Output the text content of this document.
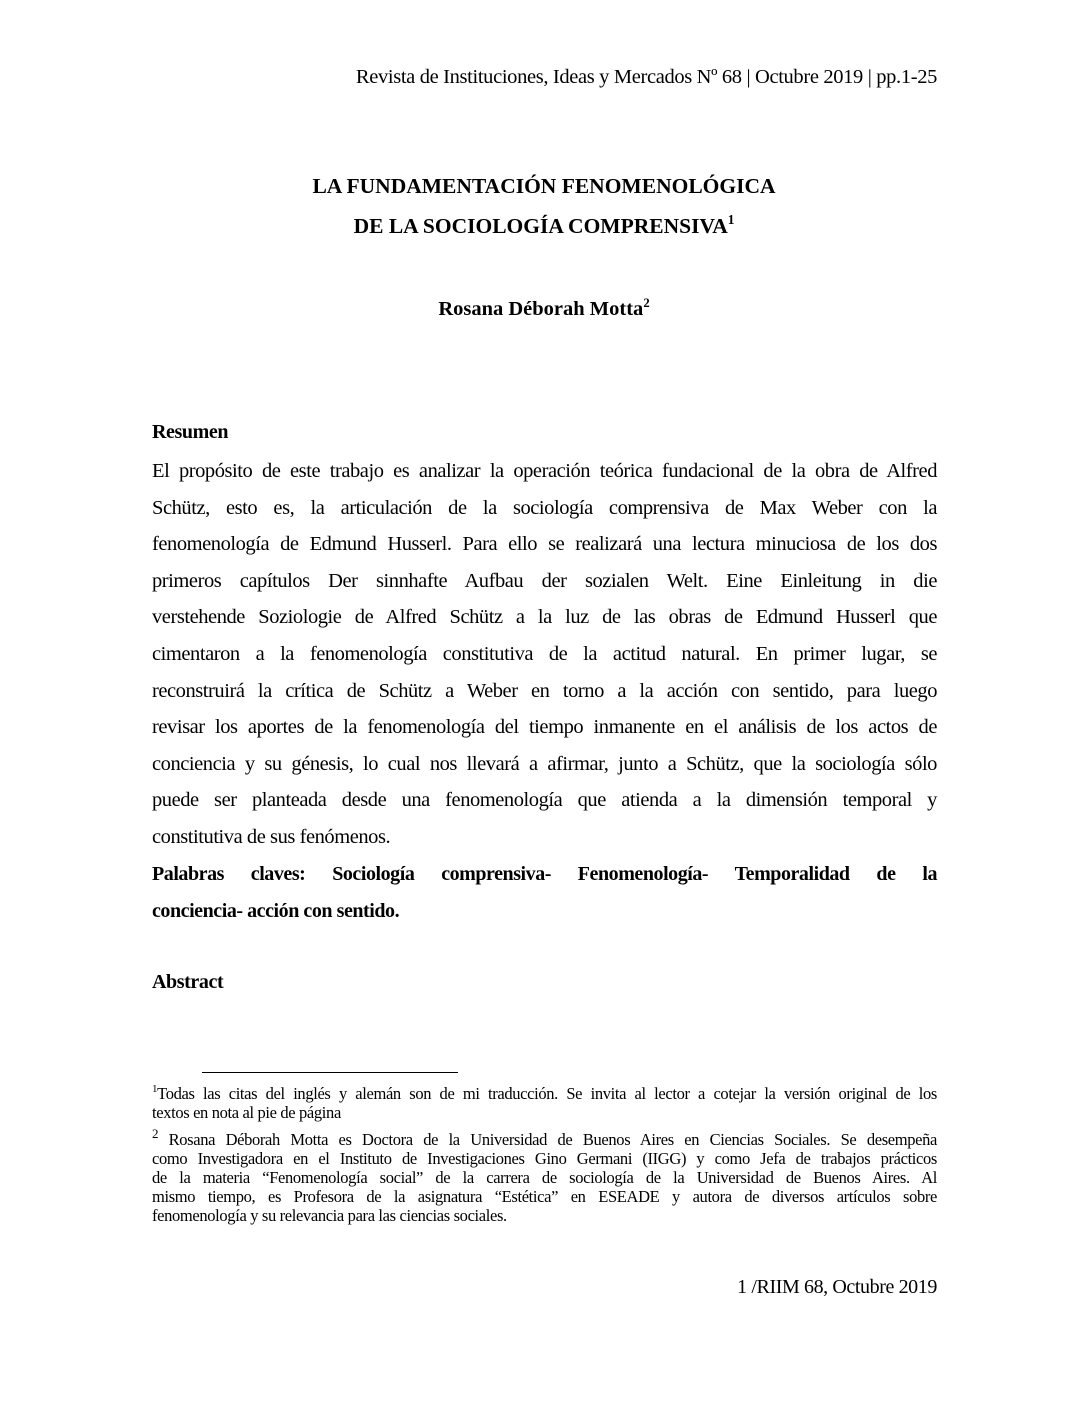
Revista de Instituciones, Ideas y Mercados Nº 68 | Octubre 2019 | pp.1-25
LA FUNDAMENTACIÓN FENOMENOLÓGICA
DE LA SOCIOLOGÍA COMPRENSIVA$^1$
Rosana Déborah Motta$^2$
Resumen
El propósito de este trabajo es analizar la operación teórica fundacional de la obra de Alfred
Schütz, esto es, la articulación de la sociología comprensiva de Max Weber con la
fenomenología de Edmund Husserl. Para ello se realizará una lectura minuciosa de los dos
primeros capítulos Der sinnhafte Aufbau der sozialen Welt. Eine Einleitung in die
verstehende Soziologie de Alfred Schütz a la luz de las obras de Edmund Husserl que
cimentaron a la fenomenología constitutiva de la actitud natural. En primer lugar, se
reconstruirá la crítica de Schütz a Weber en torno a la acción con sentido, para luego
revisar los aportes de la fenomenología del tiempo inmanente en el análisis de los actos de
conciencia y su génesis, lo cual nos llevará a afirmar, junto a Schütz, que la sociología sólo
puede ser planteada desde una fenomenología que atienda a la dimensión temporal y
constitutiva de sus fenómenos.
Palabras claves: Sociología comprensiva- Fenomenología- Temporalidad de la
conciencia- acción con sentido.
Abstract
$^1$Todas las citas del inglés y alemán son de mi traducción. Se invita al lector a cotejar la versión original de los
textos en nota al pie de página
$^2$ Rosana Déborah Motta es Doctora de la Universidad de Buenos Aires en Ciencias Sociales. Se desempeña
como Investigadora en el Instituto de Investigaciones Gino Germani (IIGG) y como Jefa de trabajos prácticos
de la materia “Fenomenología social” de la carrera de sociología de la Universidad de Buenos Aires. Al
mismo tiempo, es Profesora de la asignatura “Estética” en ESEADE y autora de diversos artículos sobre
fenomenología y su relevancia para las ciencias sociales.
1 /RIIM 68, Octubre 2019
